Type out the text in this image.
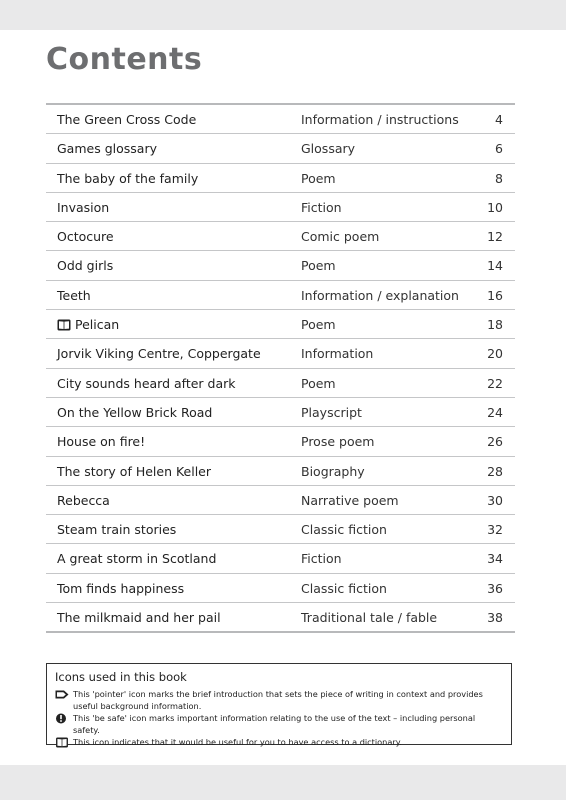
Contents
The Green Cross Code	Information / instructions	4
Games glossary	Glossary	6
The baby of the family	Poem	8
Invasion	Fiction	10
Octocure	Comic poem	12
Odd girls	Poem	14
Teeth	Information / explanation 16
Pelican	Poem	18
Jorvik Viking Centre, Coppergate	Information	20
City sounds heard after dark	Poem	22
On the Yellow Brick Road	Playscript	24
House on fire!	Prose poem	26
The story of Helen Keller	Biography	28
Rebecca	Narrative poem	30
Steam train stories	Classic fiction	32
A great storm in Scotland	Fiction	34
Tom finds happiness	Classic fiction	36
The milkmaid and her pail	Traditional tale / fable	38

Icons used in this book

This 'pointer' icon marks the brief introduction that sets the piece of writing in context and provides useful background information.
This 'be safe' icon marks important information relating to the use of the text – including personal safety.
This icon indicates that it would be useful for you to have access to a dictionary.
